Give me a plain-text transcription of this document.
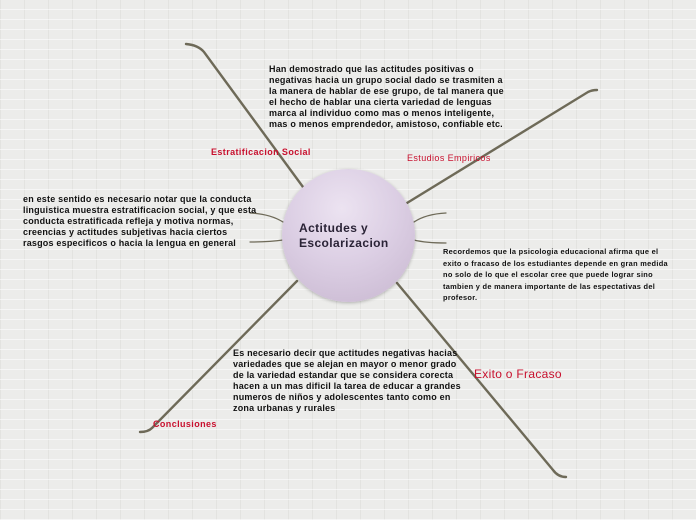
Actitudes y Escolarizacion
Estratificacion Social
Estudios Empiricos
Exito o Fracaso
Conclusiones
Han demostrado que las actitudes positivas o negativas hacia un grupo social dado se trasmiten a la manera de hablar de ese grupo, de tal manera que el hecho de hablar una cierta variedad de lenguas marca al individuo como mas o menos inteligente, mas o menos emprendedor, amistoso, confiable etc.
en este sentido es necesario notar que la conducta linguistica muestra estratificacion social, y que esta conducta estratificada refleja y motiva normas, creencias y actitudes subjetivas hacia ciertos rasgos especificos o hacia la lengua en general
Recordemos que la psicologia educacional afirma que el exito o fracaso de los estudiantes depende en gran medida no solo de lo que el escolar cree que puede lograr sino tambien y de manera importante de las espectativas del profesor.
Es necesario decir que actitudes negativas hacias variedades que se alejan en mayor o menor grado de la variedad estandar que se considera corecta hacen a un mas dificil la tarea de educar a grandes numeros de niños y adolescentes tanto como en zona urbanas y rurales
